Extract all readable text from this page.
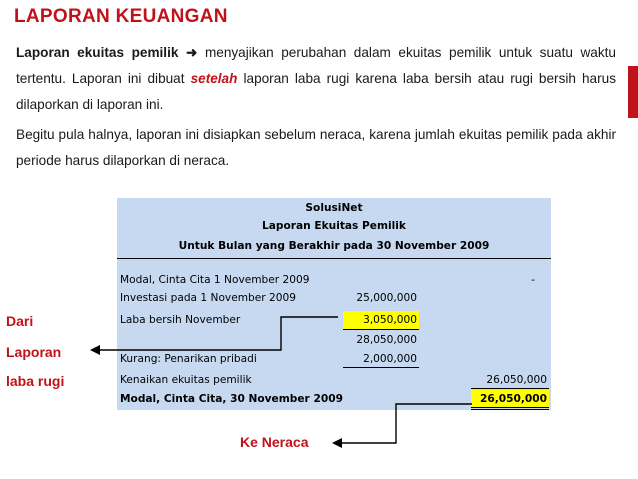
LAPORAN KEUANGAN
Laporan ekuitas pemilik ➜ menyajikan perubahan dalam ekuitas pemilik untuk suatu waktu tertentu. Laporan ini dibuat setelah laporan laba rugi karena laba bersih atau rugi bersih harus dilaporkan di laporan ini.
Begitu pula halnya, laporan ini disiapkan sebelum neraca, karena jumlah ekuitas pemilik pada akhir periode harus dilaporkan di neraca.
SolusiNet
Laporan Ekuitas Pemilik
Untuk Bulan yang Berakhir pada 30 November 2009
Modal, Cinta Cita 1 November 2009	-
Investasi pada 1 November 2009	25,000,000
Laba bersih November	3,050,000
28,050,000
Kurang: Penarikan pribadi	2,000,000
Kenaikan ekuitas pemilik	26,050,000
Modal, Cinta Cita, 30 November 2009	26,050,000
Dari
Laporan
laba rugi
Ke Neraca
